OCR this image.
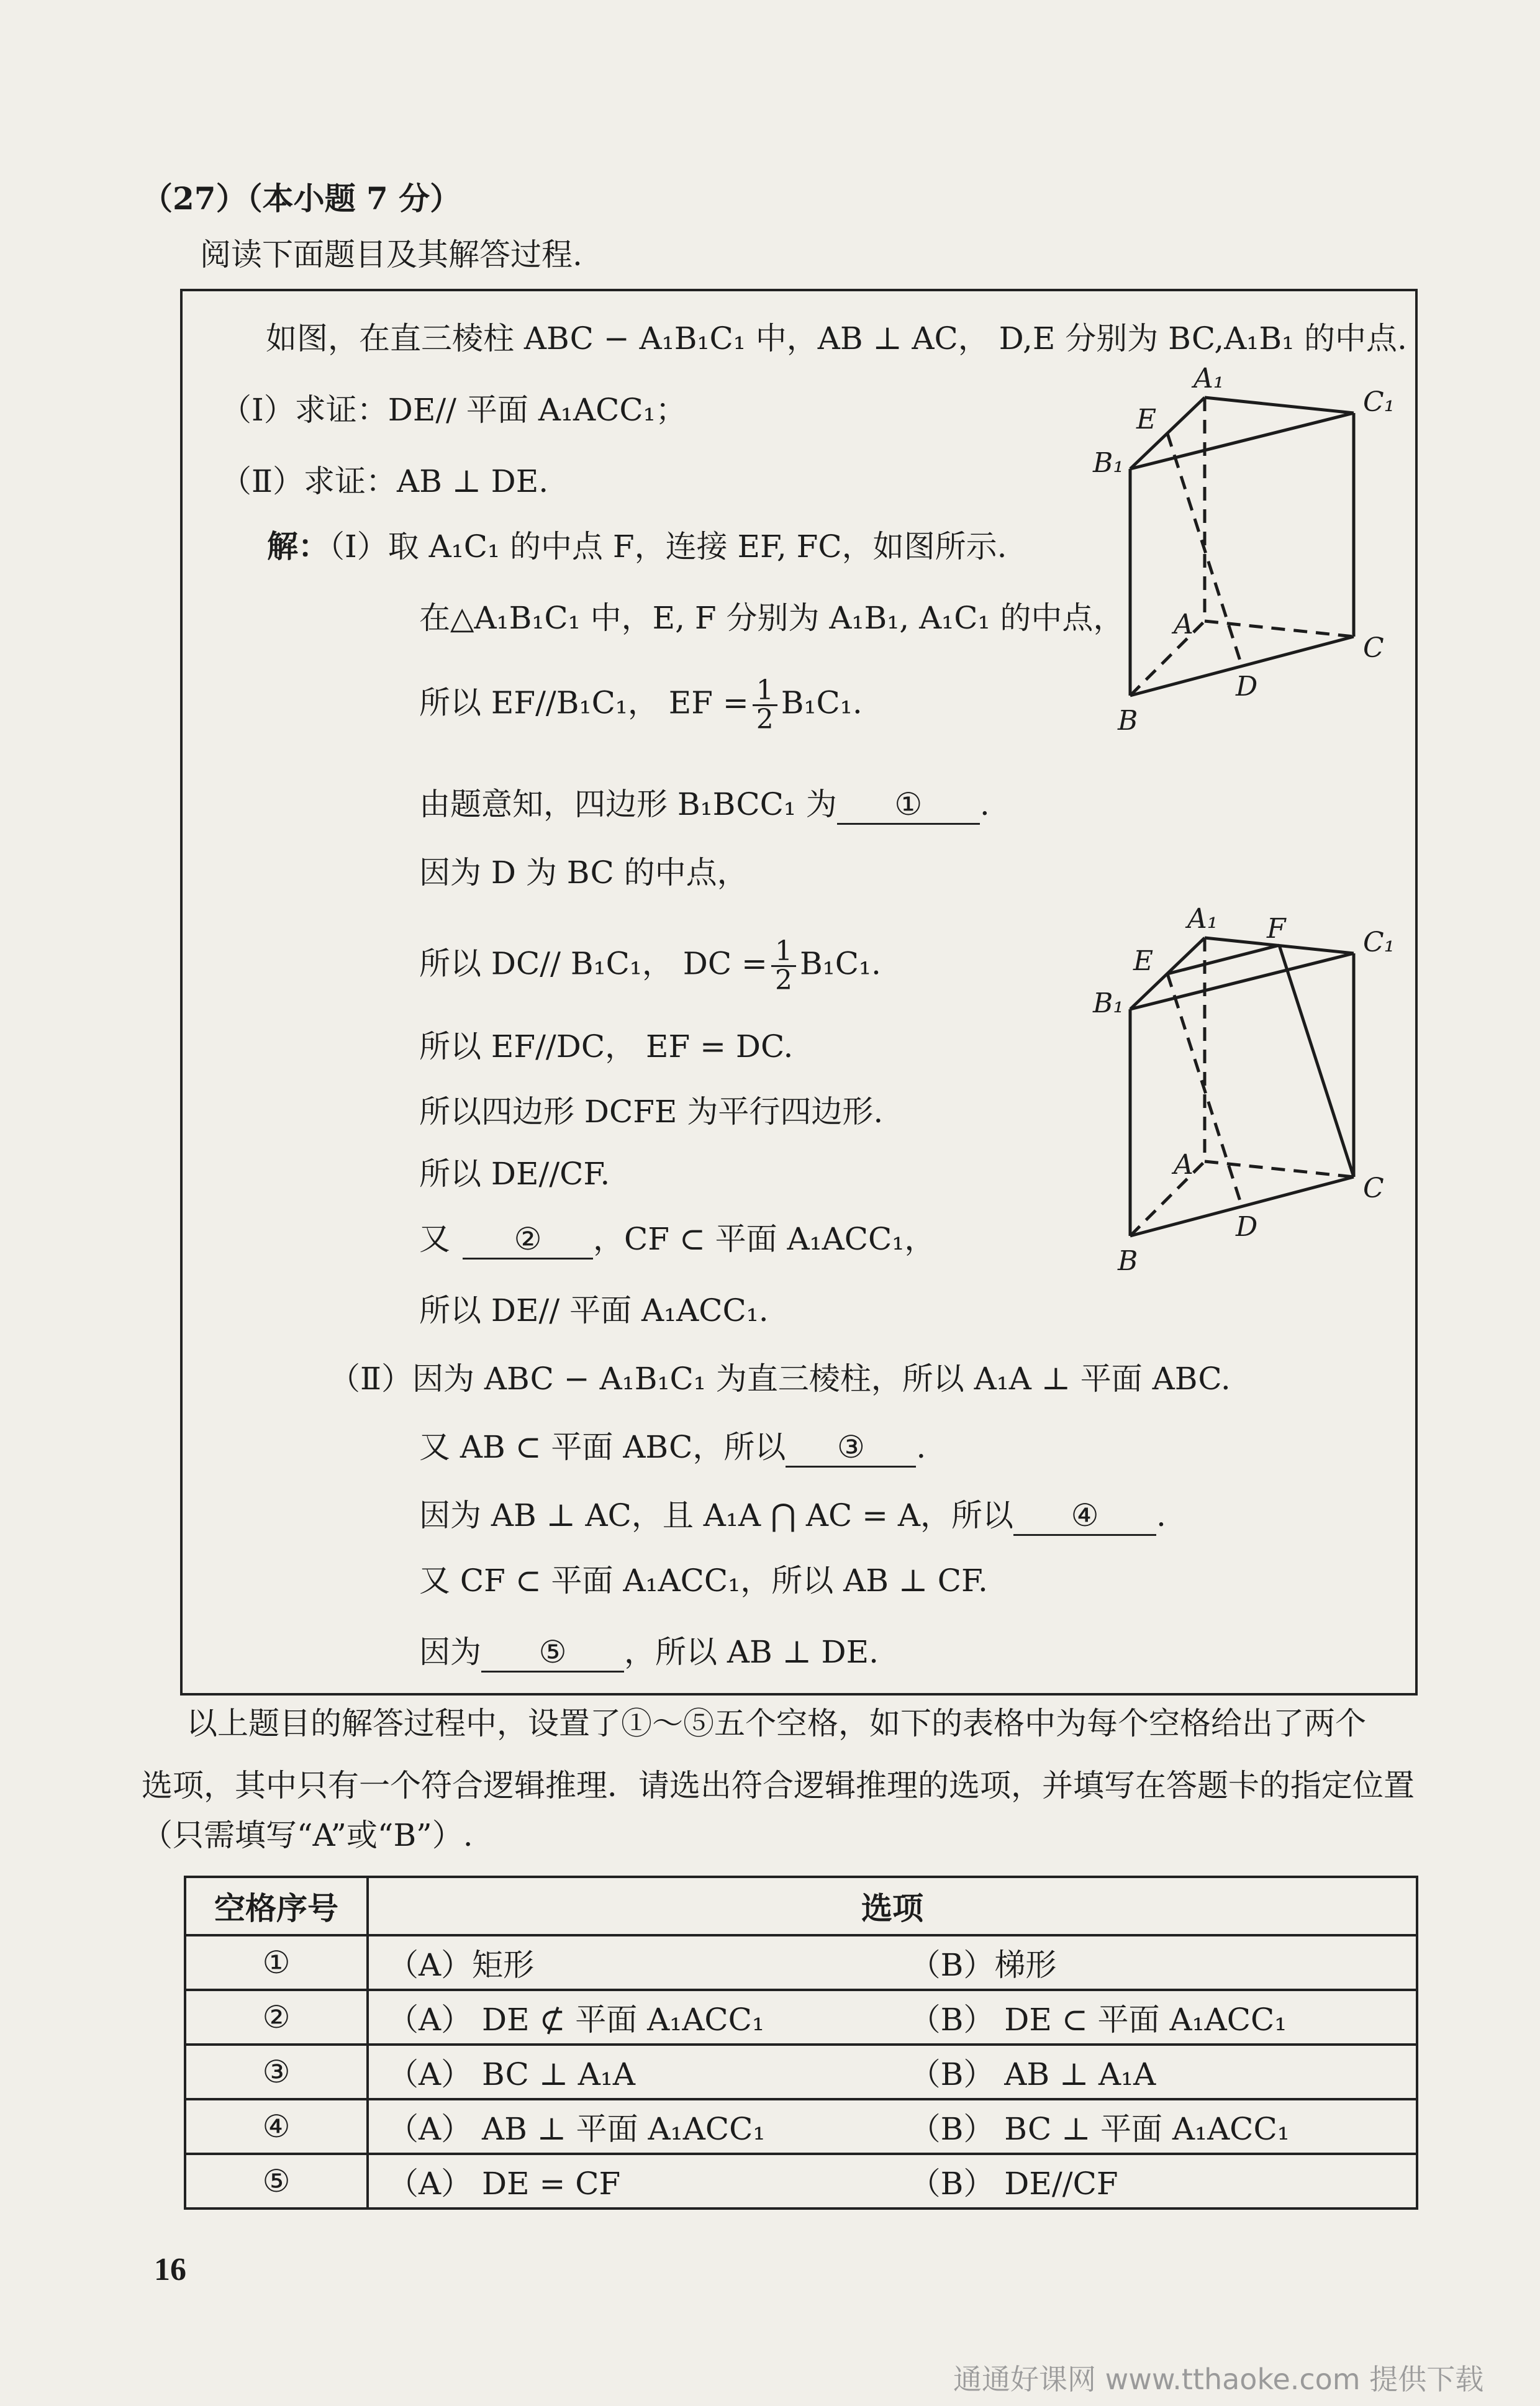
（27）（本小题 7 分）
阅读下面题目及其解答过程.
如图，在直三棱柱 ABC − A₁B₁C₁ 中，AB ⊥ AC， D,E 分别为 BC,A₁B₁ 的中点.
（Ⅰ）求证：DE// 平面 A₁ACC₁；
（Ⅱ）求证：AB ⊥ DE.
解：（Ⅰ）取 A₁C₁ 的中点 F，连接 EF, FC，如图所示.
在△A₁B₁C₁ 中，E, F 分别为 A₁B₁, A₁C₁ 的中点，
所以 EF//B₁C₁， EF = $\frac{1}{2} B_1C_1$.
由题意知，四边形 B₁BCC₁ 为 ① .
因为 D 为 BC 的中点，
所以 DC// B₁C₁， DC = $\frac{1}{2} B_1C_1$.
所以 EF//DC， EF = DC.
所以四边形 DCFE 为平行四边形.
所以 DE//CF.
又 ② ，CF ⊂ 平面 A₁ACC₁，
所以 DE// 平面 A₁ACC₁.
（Ⅱ）因为 ABC − A₁B₁C₁ 为直三棱柱，所以 A₁A ⊥ 平面 ABC.
又 AB ⊂ 平面 ABC，所以 ③ .
因为 AB ⊥ AC，且 A₁A ⋂ AC = A，所以 ④ .
又 CF ⊂ 平面 A₁ACC₁，所以 AB ⊥ CF.
因为 ⑤ ，所以 AB ⊥ DE.
A₁
C₁
B₁
E
A
C
D
B
A₁ F	C₁
B₁
E
A
C
D
B
以上题目的解答过程中，设置了①～⑤五个空格，如下的表格中为每个空格给出了两个
选项，其中只有一个符合逻辑推理．请选出符合逻辑推理的选项，并填写在答题卡的指定位置
（只需填写“A”或“B”）.
空格序号	选项	
①	（A）矩形	（B）梯形
②	（A） DE ⊄ 平面 A₁ACC₁	（B） DE ⊂ 平面 A₁ACC₁
③	（A） BC ⊥ A₁A	（B） AB ⊥ A₁A
④	（A） AB ⊥ 平面 A₁ACC₁	（B） BC ⊥ 平面 A₁ACC₁
⑤	（A） DE = CF	（B） DE//CF
16
通通好课网 www.tthaoke.com 提供下载
